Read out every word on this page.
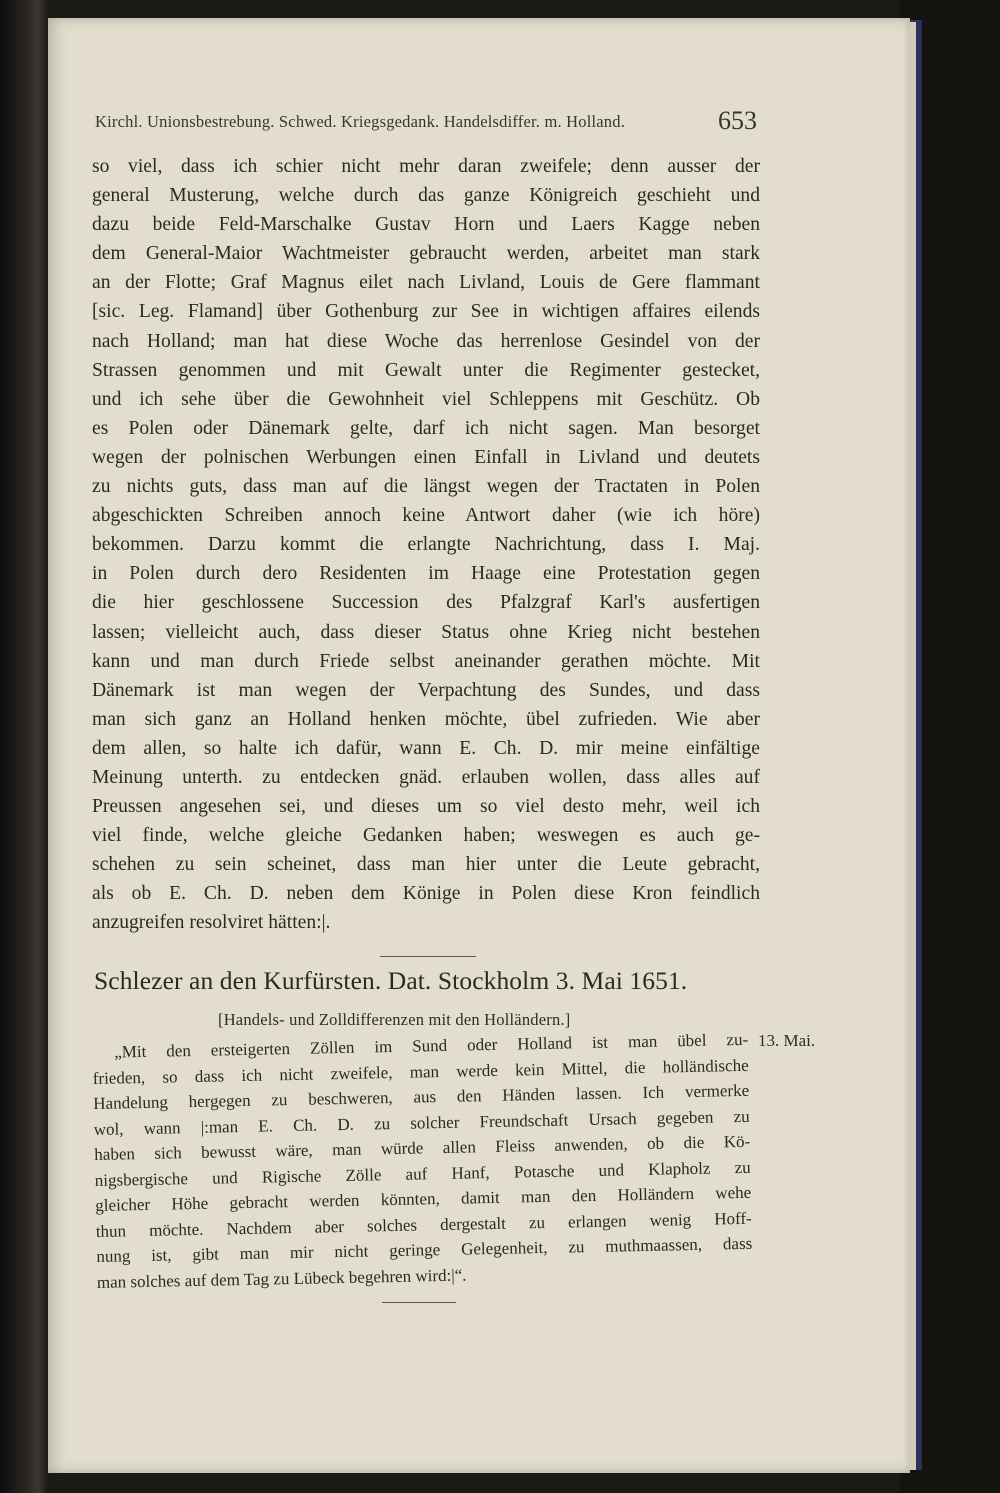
Kirchl. Unionsbestrebung. Schwed. Kriegsgedank. Handelsdiffer. m. Holland.	653
so viel, dass ich schier nicht mehr daran zweifele; denn ausser der
general Musterung, welche durch das ganze Königreich geschieht und
dazu beide Feld-Marschalke Gustav Horn und Laers Kagge neben
dem General-Maior Wachtmeister gebraucht werden, arbeitet man stark
an der Flotte; Graf Magnus eilet nach Livland, Louis de Gere flammant
[sic. Leg. Flamand] über Gothenburg zur See in wichtigen affaires eilends
nach Holland; man hat diese Woche das herrenlose Gesindel von der
Strassen genommen und mit Gewalt unter die Regimenter gestecket,
und ich sehe über die Gewohnheit viel Schleppens mit Geschütz. Ob
es Polen oder Dänemark gelte, darf ich nicht sagen. Man besorget
wegen der polnischen Werbungen einen Einfall in Livland und deutets
zu nichts guts, dass man auf die längst wegen der Tractaten in Polen
abgeschickten Schreiben annoch keine Antwort daher (wie ich höre)
bekommen. Darzu kommt die erlangte Nachrichtung, dass I. Maj.
in Polen durch dero Residenten im Haage eine Protestation gegen
die hier geschlossene Succession des Pfalzgraf Karl's ausfertigen
lassen; vielleicht auch, dass dieser Status ohne Krieg nicht bestehen
kann und man durch Friede selbst aneinander gerathen möchte. Mit
Dänemark ist man wegen der Verpachtung des Sundes, und dass
man sich ganz an Holland henken möchte, übel zufrieden. Wie aber
dem allen, so halte ich dafür, wann E. Ch. D. mir meine einfältige
Meinung unterth. zu entdecken gnäd. erlauben wollen, dass alles auf
Preussen angesehen sei, und dieses um so viel desto mehr, weil ich
viel finde, welche gleiche Gedanken haben; weswegen es auch ge-
schehen zu sein scheinet, dass man hier unter die Leute gebracht,
als ob E. Ch. D. neben dem Könige in Polen diese Kron feindlich
anzugreifen resolviret hätten:|.
Schlezer an den Kurfürsten. Dat. Stockholm 3. Mai 1651.
[Handels- und Zolldifferenzen mit den Holländern.]
13. Mai.
„Mit den ersteigerten Zöllen im Sund oder Holland ist man übel zu-
frieden, so dass ich nicht zweifele, man werde kein Mittel, die holländische
Handelung hergegen zu beschweren, aus den Händen lassen. Ich vermerke
wol, wann |:man E. Ch. D. zu solcher Freundschaft Ursach gegeben zu
haben sich bewusst wäre, man würde allen Fleiss anwenden, ob die Kö-
nigsbergische und Rigische Zölle auf Hanf, Potasche und Klapholz zu
gleicher Höhe gebracht werden könnten, damit man den Holländern wehe
thun möchte. Nachdem aber solches dergestalt zu erlangen wenig Hoff-
nung ist, gibt man mir nicht geringe Gelegenheit, zu muthmaassen, dass
man solches auf dem Tag zu Lübeck begehren wird:|“.
